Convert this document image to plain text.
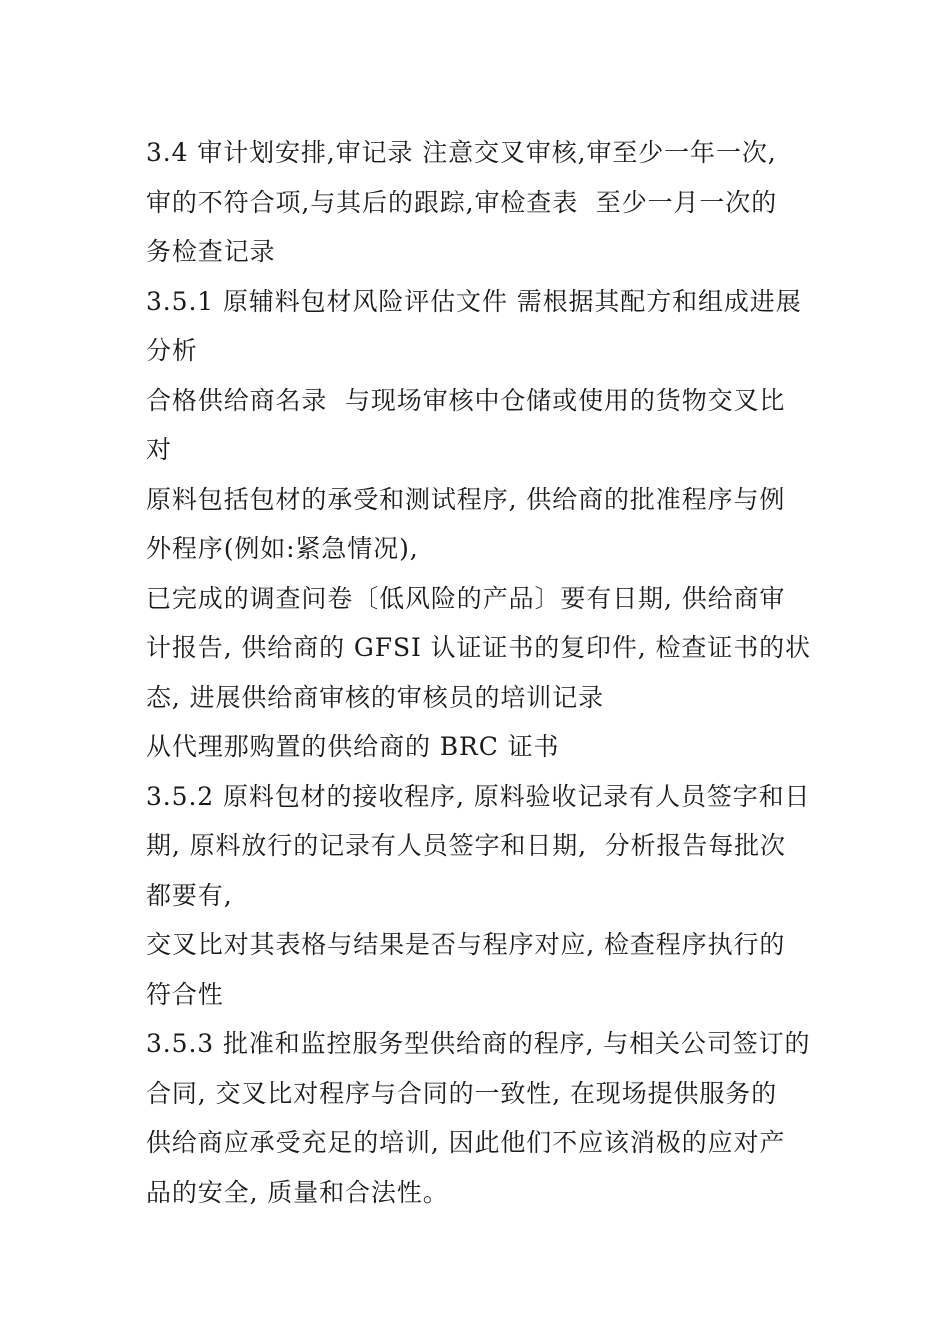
3.4 审计划安排,审记录 注意交叉审核,审至少一年一次,
审的不符合项,与其后的跟踪,审检查表  至少一月一次的
务检查记录
3.5.1 原辅料包材风险评估文件 需根据其配方和组成进展
分析
合格供给商名录  与现场审核中仓储或使用的货物交叉比
对
原料包括包材的承受和测试程序, 供给商的批准程序与例
外程序(例如:紧急情况),
已完成的调查问卷〔低风险的产品〕要有日期, 供给商审
计报告, 供给商的 GFSI 认证证书的复印件, 检查证书的状
态, 进展供给商审核的审核员的培训记录
从代理那购置的供给商的 BRC 证书
3.5.2 原料包材的接收程序, 原料验收记录有人员签字和日
期, 原料放行的记录有人员签字和日期,  分析报告每批次
都要有,
交叉比对其表格与结果是否与程序对应, 检查程序执行的
符合性
3.5.3 批准和监控服务型供给商的程序, 与相关公司签订的
合同, 交叉比对程序与合同的一致性, 在现场提供服务的
供给商应承受充足的培训, 因此他们不应该消极的应对产
品的安全, 质量和合法性。
